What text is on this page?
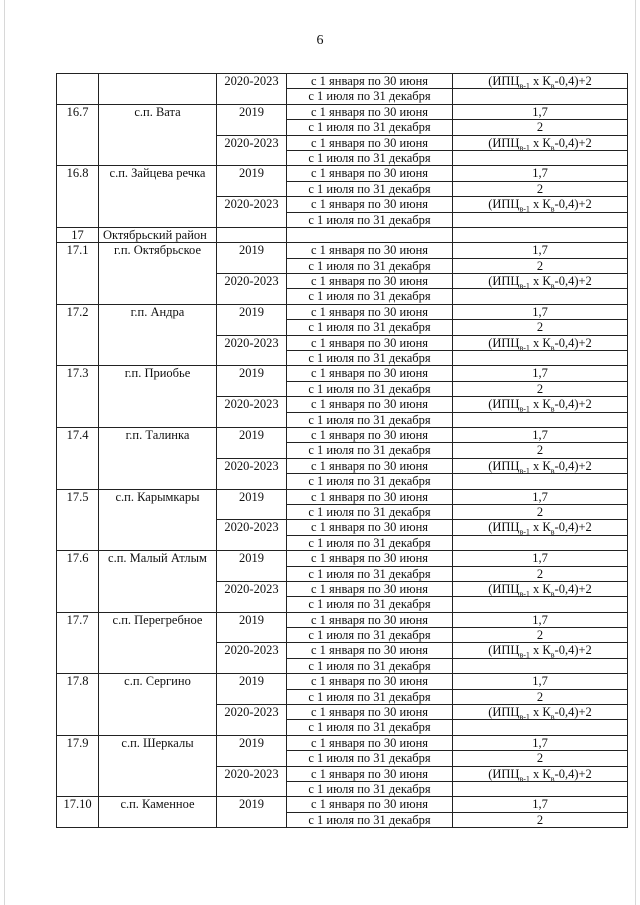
6
		2020-2023	с 1 января по 30 июня	($ИПЦ_{в-1}$ х $К_в-0,4)+2$
			с 1 июля по 31 декабря	
16.7	с.п. Вата	2019	с 1 января по 30 июня	1,7
			с 1 июля по 31 декабря	2
		2020-2023	с 1 января по 30 июня	($ИПЦ_{в-1}$ х $К_в-0,4)+2$
			с 1 июля по 31 декабря	
16.8	с.п. Зайцева речка	2019	с 1 января по 30 июня	1,7
			с 1 июля по 31 декабря	2
		2020-2023	с 1 января по 30 июня	($ИПЦ_{в-1}$ х $К_в-0,4)+2$
			с 1 июля по 31 декабря	
17	Октябрьский район			
17.1	г.п. Октябрьское	2019	с 1 января по 30 июня	1,7
			с 1 июля по 31 декабря	2
		2020-2023	с 1 января по 30 июня	($ИПЦ_{в-1}$ х $К_в-0,4)+2$
			с 1 июля по 31 декабря	
17.2	г.п. Андра	2019	с 1 января по 30 июня	1,7
			с 1 июля по 31 декабря	2
		2020-2023	с 1 января по 30 июня	($ИПЦ_{в-1}$ х $К_в-0,4)+2$
			с 1 июля по 31 декабря	
17.3	г.п. Приобье	2019	с 1 января по 30 июня	1,7
			с 1 июля по 31 декабря	2
		2020-2023	с 1 января по 30 июня	($ИПЦ_{в-1}$ х $К_в-0,4)+2$
			с 1 июля по 31 декабря	
17.4	г.п. Талинка	2019	с 1 января по 30 июня	1,7
			с 1 июля по 31 декабря	2
		2020-2023	с 1 января по 30 июня	($ИПЦ_{в-1}$ х $К_в-0,4)+2$
			с 1 июля по 31 декабря	
17.5	с.п. Карымкары	2019	с 1 января по 30 июня	1,7
			с 1 июля по 31 декабря	2
		2020-2023	с 1 января по 30 июня	($ИПЦ_{в-1}$ х $К_в-0,4)+2$
			с 1 июля по 31 декабря	
17.6	с.п. Малый Атлым	2019	с 1 января по 30 июня	1,7
			с 1 июля по 31 декабря	2
		2020-2023	с 1 января по 30 июня	($ИПЦ_{в-1}$ х $К_в-0,4)+2$
			с 1 июля по 31 декабря	
17.7	с.п. Перегребное	2019	с 1 января по 30 июня	1,7
			с 1 июля по 31 декабря	2
		2020-2023	с 1 января по 30 июня	($ИПЦ_{в-1}$ х $К_в-0,4)+2$
			с 1 июля по 31 декабря	
17.8	с.п. Сергино	2019	с 1 января по 30 июня	1,7
			с 1 июля по 31 декабря	2
		2020-2023	с 1 января по 30 июня	($ИПЦ_{в-1}$ х $К_в-0,4)+2$
			с 1 июля по 31 декабря	
17.9	с.п. Шеркалы	2019	с 1 января по 30 июня	1,7
			с 1 июля по 31 декабря	2
		2020-2023	с 1 января по 30 июня	($ИПЦ_{в-1}$ х $К_в-0,4)+2$
			с 1 июля по 31 декабря	
17.10	с.п. Каменное	2019	с 1 января по 30 июня	1,7
			с 1 июля по 31 декабря	2
